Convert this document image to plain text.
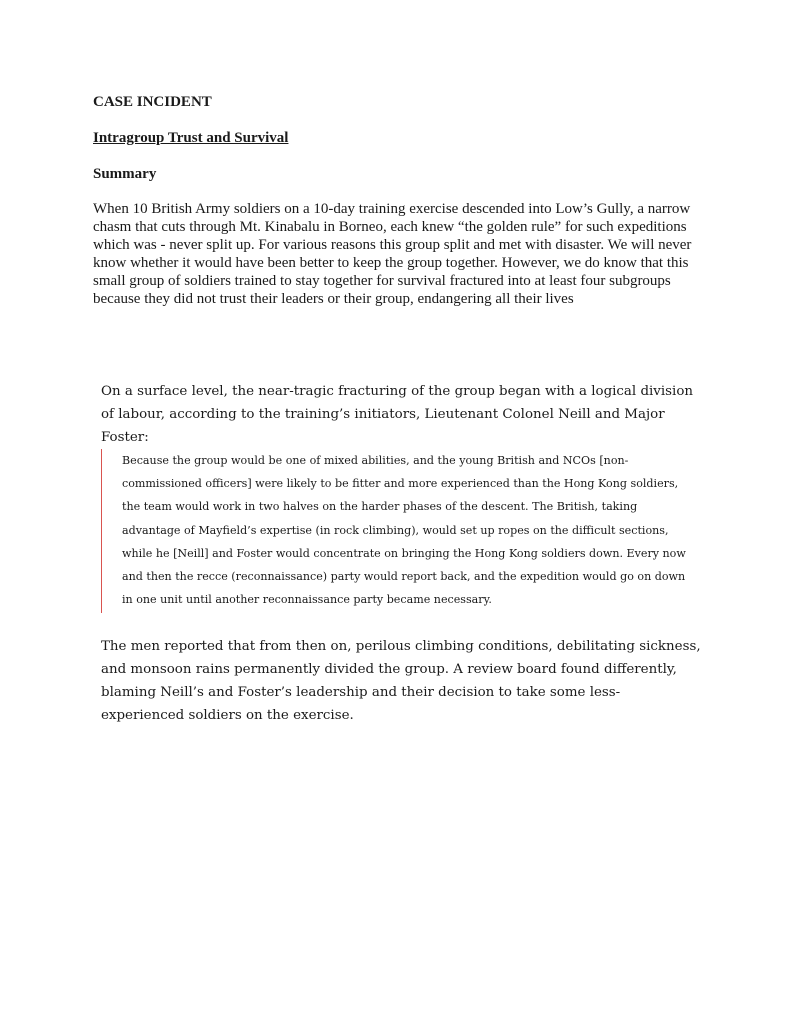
CASE INCIDENT
Intragroup Trust and Survival
Summary

When 10 British Army soldiers on a 10-day training exercise descended into Low’s Gully, a narrow chasm that cuts through Mt. Kinabalu in Borneo, each knew “the golden rule” for such expeditions which was - never split up. For various reasons this group split and met with disaster. We will never know whether it would have been better to keep the group together. However, we do know that this small group of soldiers trained to stay together for survival fractured into at least four subgroups because they did not trust their leaders or their group, endangering all their lives

On a surface level, the near-tragic fracturing of the group began with a logical division of labour, according to the training’s initiators, Lieutenant Colonel Neill and Major Foster:

Because the group would be one of mixed abilities, and the young British and NCOs [non-commissioned officers] were likely to be fitter and more experienced than the Hong Kong soldiers, the team would work in two halves on the harder phases of the descent. The British, taking advantage of Mayfield’s expertise (in rock climbing), would set up ropes on the difficult sections, while he [Neill] and Foster would concentrate on bringing the Hong Kong soldiers down. Every now and then the recce (reconnaissance) party would report back, and the expedition would go on down in one unit until another reconnaissance party became necessary.

The men reported that from then on, perilous climbing conditions, debilitating sickness, and monsoon rains permanently divided the group. A review board found differently, blaming Neill’s and Foster’s leadership and their decision to take some less-experienced soldiers on the exercise.
